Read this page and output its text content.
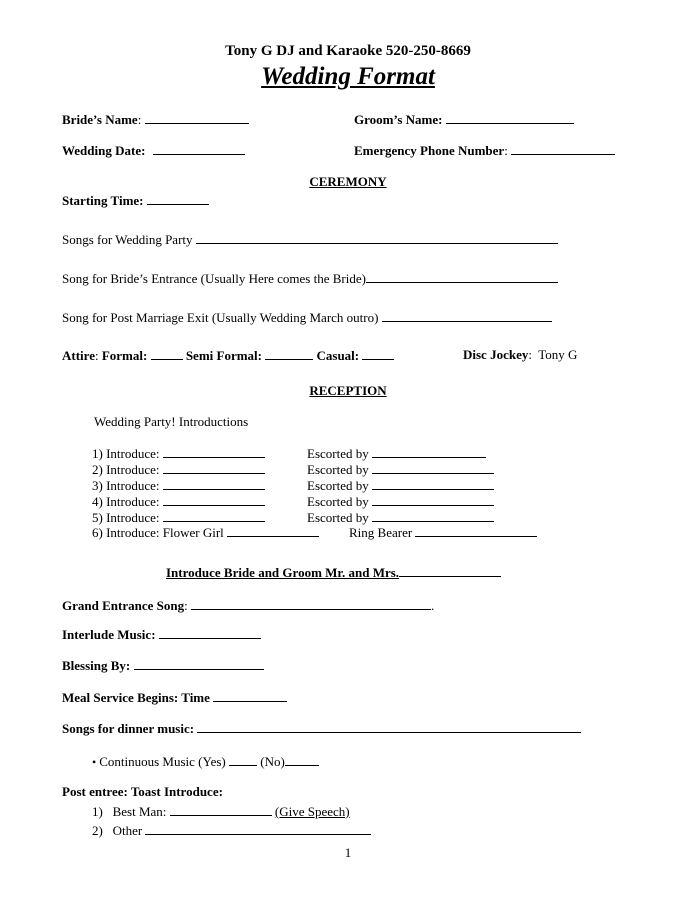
Tony G DJ and Karaoke 520-250-8669
Wedding Format
Bride’s Name:	Groom’s Name:
Wedding Date:	Emergency Phone Number:
CEREMONY
Starting Time:
Songs for Wedding Party
Song for Bride’s Entrance (Usually Here comes the Bride)
Song for Post Marriage Exit (Usually Wedding March outro)
Attire: Formal:	Semi Formal:	Casual:	Disc Jockey: Tony G
RECEPTION
Wedding Party! Introductions
1) Introduce:	Escorted by
2) Introduce:	Escorted by
3) Introduce:	Escorted by
4) Introduce:	Escorted by
5) Introduce:	Escorted by
6) Introduce: Flower Girl	Ring Bearer
Introduce Bride and Groom Mr. and Mrs.
Grand Entrance Song:	.
Interlude Music:
Blessing By:
Meal Service Begins: Time
Songs for dinner music:
• Continuous Music (Yes)	(No)
Post entree: Toast Introduce:
1) Best Man:	(Give Speech)
2) Other
1
